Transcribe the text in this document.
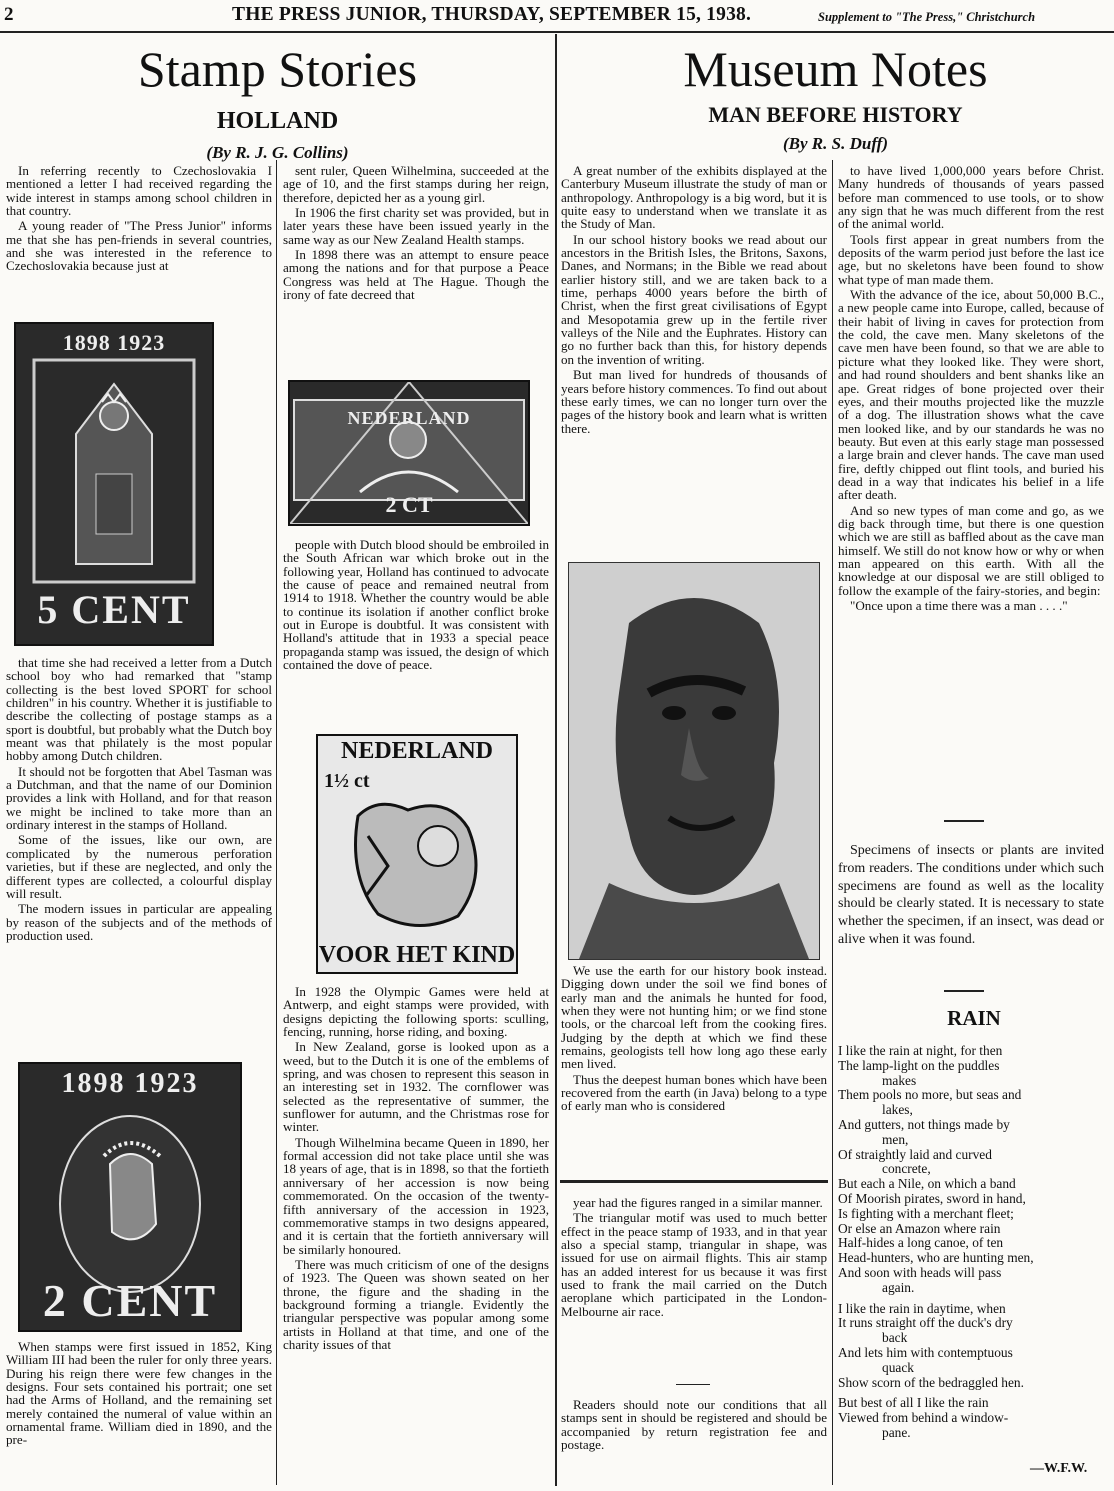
2	THE PRESS JUNIOR, THURSDAY, SEPTEMBER 15, 1938.	Supplement to "The Press," Christchurch
Stamp Stories
HOLLAND
(By R. J. G. Collins)
Museum Notes
MAN BEFORE HISTORY
(By R. S. Duff)

In referring recently to Czechoslovakia I mentioned a letter I had received regarding the wide interest in stamps among school children in that country.

A young reader of "The Press Junior" informs me that she has pen-friends in several countries, and she was interested in the reference to Czechoslovakia because just at

1898 1923
5 CENT

that time she had received a letter from a Dutch school boy who had remarked that "stamp collecting is the best loved SPORT for school children" in his country. Whether it is justifiable to describe the collecting of postage stamps as a sport is doubtful, but probably what the Dutch boy meant was that philately is the most popular hobby among Dutch children.

It should not be forgotten that Abel Tasman was a Dutchman, and that the name of our Dominion provides a link with Holland, and for that reason we might be inclined to take more than an ordinary interest in the stamps of Holland.

Some of the issues, like our own, are complicated by the numerous perforation varieties, but if these are neglected, and only the different types are collected, a colourful display will result.

The modern issues in particular are appealing by reason of the subjects and of the methods of production used.

1898 1923
2 CENT

When stamps were first issued in 1852, King William III had been the ruler for only three years. During his reign there were few changes in the designs. Four sets contained his portrait; one set had the Arms of Holland, and the remaining set merely contained the numeral of value within an ornamental frame. William died in 1890, and the pre-

sent ruler, Queen Wilhelmina, succeeded at the age of 10, and the first stamps during her reign, therefore, depicted her as a young girl.

In 1906 the first charity set was provided, but in later years these have been issued yearly in the same way as our New Zealand Health stamps.

In 1898 there was an attempt to ensure peace among the nations and for that purpose a Peace Congress was held at The Hague. Though the irony of fate decreed that

NEDERLAND
2 CT

people with Dutch blood should be embroiled in the South African war which broke out in the following year, Holland has continued to advocate the cause of peace and remained neutral from 1914 to 1918. Whether the country would be able to continue its isolation if another conflict broke out in Europe is doubtful. It was consistent with Holland's attitude that in 1933 a special peace propaganda stamp was issued, the design of which contained the dove of peace.

NEDERLAND
1½ ct
VOOR HET KIND

In 1928 the Olympic Games were held at Antwerp, and eight stamps were provided, with designs depicting the following sports: sculling, fencing, running, horse riding, and boxing.

In New Zealand, gorse is looked upon as a weed, but to the Dutch it is one of the emblems of spring, and was chosen to represent this season in an interesting set in 1932. The cornflower was selected as the representative of summer, the sunflower for autumn, and the Christmas rose for winter.

Though Wilhelmina became Queen in 1890, her formal accession did not take place until she was 18 years of age, that is in 1898, so that the fortieth anniversary of her accession is now being commemorated. On the occasion of the twenty-fifth anniversary of the accession in 1923, commemorative stamps in two designs appeared, and it is certain that the fortieth anniversary will be similarly honoured.

There was much criticism of one of the designs of 1923. The Queen was shown seated on her throne, the figure and the shading in the background forming a triangle. Evidently the triangular perspective was popular among some artists in Holland at that time, and one of the charity issues of that

A great number of the exhibits displayed at the Canterbury Museum illustrate the study of man or anthropology. Anthropology is a big word, but it is quite easy to understand when we translate it as the Study of Man.

In our school history books we read about our ancestors in the British Isles, the Britons, Saxons, Danes, and Normans; in the Bible we read about earlier history still, and we are taken back to a time, perhaps 4000 years before the birth of Christ, when the first great civilisations of Egypt and Mesopotamia grew up in the fertile river valleys of the Nile and the Euphrates. History can go no further back than this, for history depends on the invention of writing.

But man lived for hundreds of thousands of years before history commences. To find out about these early times, we can no longer turn over the pages of the history book and learn what is written there.

We use the earth for our history book instead. Digging down under the soil we find bones of early man and the animals he hunted for food, when they were not hunting him; or we find stone tools, or the charcoal left from the cooking fires. Judging by the depth at which we find these remains, geologists tell how long ago these early men lived.

Thus the deepest human bones which have been recovered from the earth (in Java) belong to a type of early man who is considered

year had the figures ranged in a similar manner.

The triangular motif was used to much better effect in the peace stamp of 1933, and in that year also a special stamp, triangular in shape, was issued for use on airmail flights. This air stamp has an added interest for us because it was first used to frank the mail carried on the Dutch aeroplane which participated in the London-Melbourne air race.

Readers should note our conditions that all stamps sent in should be registered and should be accompanied by return registration fee and postage.

to have lived 1,000,000 years before Christ. Many hundreds of thousands of years passed before man commenced to use tools, or to show any sign that he was much different from the rest of the animal world.

Tools first appear in great numbers from the deposits of the warm period just before the last ice age, but no skeletons have been found to show what type of man made them.

With the advance of the ice, about 50,000 B.C., a new people came into Europe, called, because of their habit of living in caves for protection from the cold, the cave men. Many skeletons of the cave men have been found, so that we are able to picture what they looked like. They were short, and had round shoulders and bent shanks like an ape. Great ridges of bone projected over their eyes, and their mouths projected like the muzzle of a dog. The illustration shows what the cave men looked like, and by our standards he was no beauty. But even at this early stage man possessed a large brain and clever hands. The cave man used fire, deftly chipped out flint tools, and buried his dead in a way that indicates his belief in a life after death.

And so new types of man come and go, as we dig back through time, but there is one question which we are still as baffled about as the cave man himself. We still do not know how or why or when man appeared on this earth. With all the knowledge at our disposal we are still obliged to follow the example of the fairy-stories, and begin:

"Once upon a time there was a man . . . ."

Specimens of insects or plants are invited from readers. The conditions under which such specimens are found as well as the locality should be clearly stated. It is necessary to state whether the specimen, if an insect, was dead or alive when it was found.
RAIN
I like the rain at night, for then
The lamp-light on the puddles
makes
Them pools no more, but seas and
lakes,
And gutters, not things made by
men,
Of straightly laid and curved
concrete,
But each a Nile, on which a band
Of Moorish pirates, sword in hand,
Is fighting with a merchant fleet;
Or else an Amazon where rain
Half-hides a long canoe, of ten
Head-hunters, who are hunting men,
And soon with heads will pass
again.
I like the rain in daytime, when
It runs straight off the duck's dry
back
And lets him with contemptuous
quack
Show scorn of the bedraggled hen.
But best of all I like the rain
Viewed from behind a window-
pane.
—W.F.W.
